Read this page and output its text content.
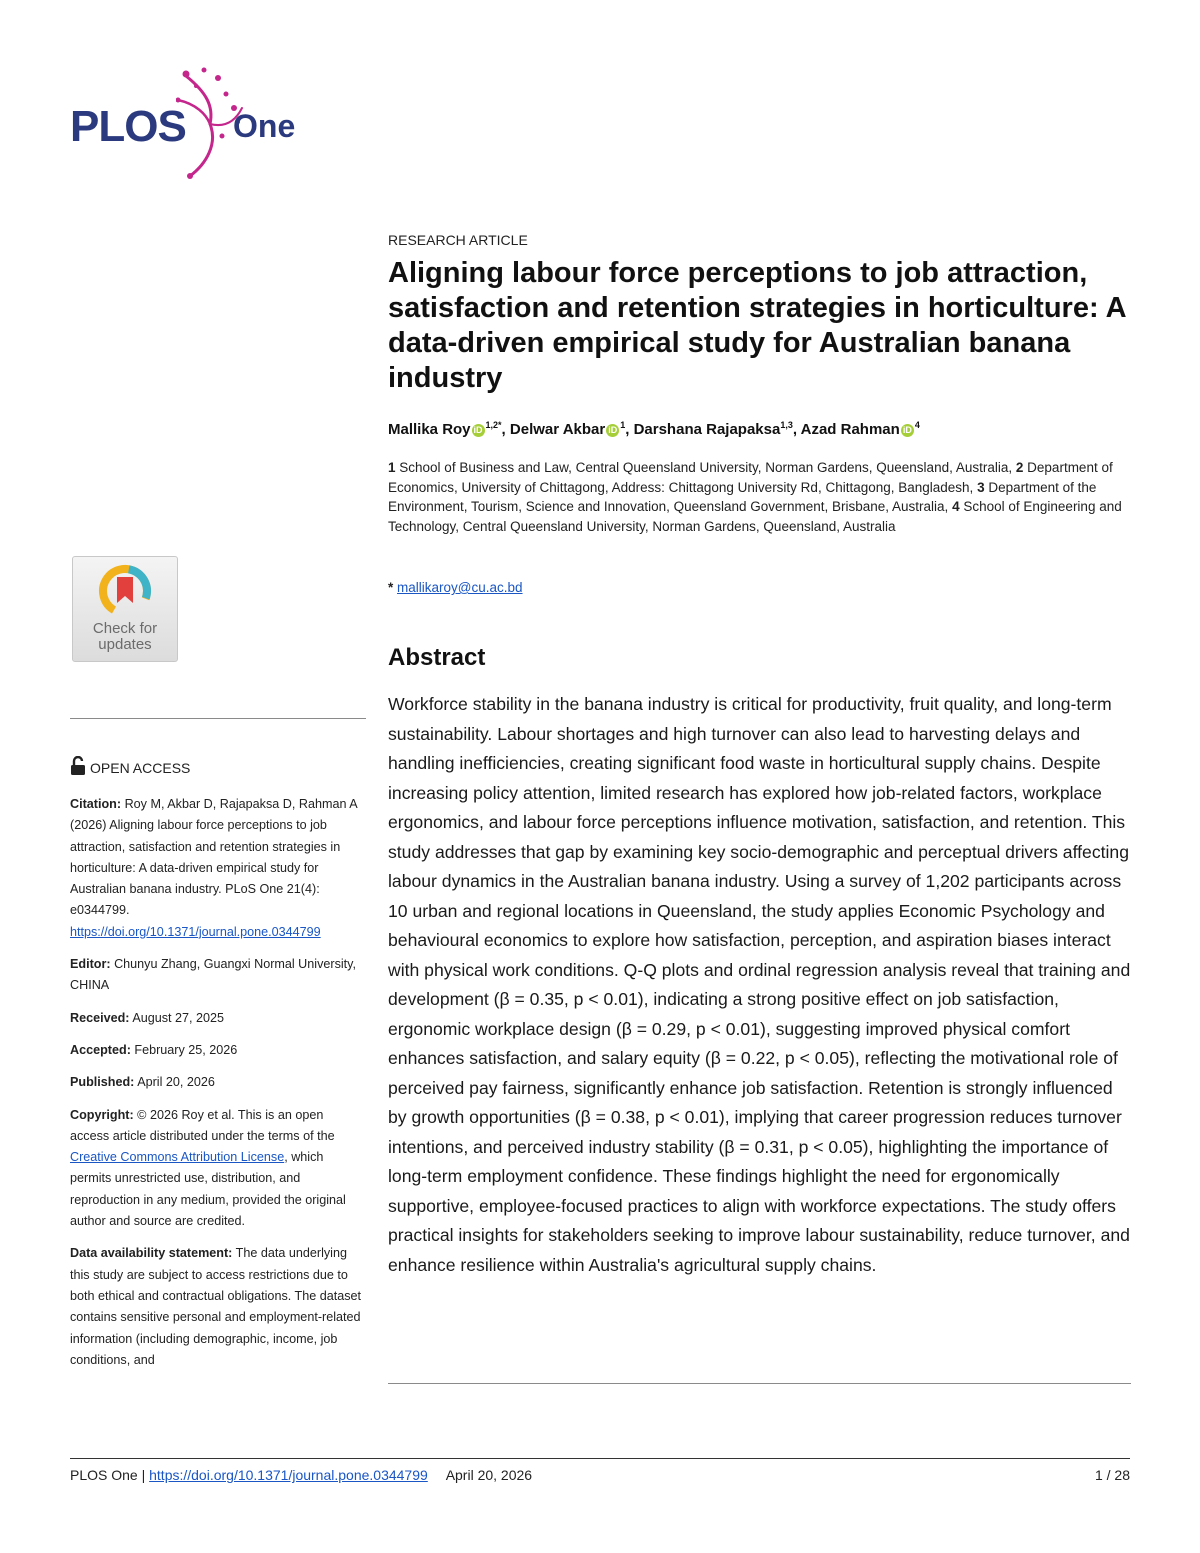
PLOS One
RESEARCH ARTICLE
Aligning labour force perceptions to job attraction, satisfaction and retention strategies in horticulture: A data-driven empirical study for Australian banana industry
Mallika Roy iD $^{1,2*}$, Delwar Akbar iD $^1$, Darshana Rajapaksa$^{1,3}$, Azad Rahman iD $^4$
1 School of Business and Law, Central Queensland University, Norman Gardens, Queensland, Australia, 2 Department of Economics, University of Chittagong, Address: Chittagong University Rd, Chittagong, Bangladesh, 3 Department of the Environment, Tourism, Science and Innovation, Queensland Government, Brisbane, Australia, 4 School of Engineering and Technology, Central Queensland University, Norman Gardens, Queensland, Australia
* mallikaroy@cu.ac.bd
Abstract

Workforce stability in the banana industry is critical for productivity, fruit quality, and long-term sustainability. Labour shortages and high turnover can also lead to harvesting delays and handling inefficiencies, creating significant food waste in horticultural supply chains. Despite increasing policy attention, limited research has explored how job-related factors, workplace ergonomics, and labour force perceptions influence motivation, satisfaction, and retention. This study addresses that gap by examining key socio-demographic and perceptual drivers affecting labour dynamics in the Australian banana industry. Using a survey of 1,202 participants across 10 urban and regional locations in Queensland, the study applies Economic Psychology and behavioural economics to explore how satisfaction, perception, and aspiration biases interact with physical work conditions. Q-Q plots and ordinal regression analysis reveal that training and development (β = 0.35, p < 0.01), indicating a strong positive effect on job satisfaction, ergonomic workplace design (β = 0.29, p < 0.01), suggesting improved physical comfort enhances satisfaction, and salary equity (β = 0.22, p < 0.05), reflecting the motivational role of perceived pay fairness, significantly enhance job satisfaction. Retention is strongly influenced by growth opportunities (β = 0.38, p < 0.01), implying that career progression reduces turnover intentions, and perceived industry stability (β = 0.31, p < 0.05), highlighting the importance of long-term employment confidence. These findings highlight the need for ergonomically supportive, employee-focused practices to align with workforce expectations. The study offers practical insights for stakeholders seeking to improve labour sustainability, reduce turnover, and enhance resilience within Australia's agricultural supply chains.

Check for
updates
OPEN ACCESS

Citation: Roy M, Akbar D, Rajapaksa D, Rahman A (2026) Aligning labour force perceptions to job attraction, satisfaction and retention strategies in horticulture: A data-driven empirical study for Australian banana industry. PLoS One 21(4): e0344799. https://doi.org/10.1371/journal.pone.0344799

Editor: Chunyu Zhang, Guangxi Normal University, CHINA

Received: August 27, 2025

Accepted: February 25, 2026

Published: April 20, 2026

Copyright: © 2026 Roy et al. This is an open access article distributed under the terms of the Creative Commons Attribution License, which permits unrestricted use, distribution, and reproduction in any medium, provided the original author and source are credited.

Data availability statement: The data underlying this study are subject to access restrictions due to both ethical and contractual obligations. The dataset contains sensitive personal and employment-related information (including demographic, income, job conditions, and

PLOS One | https://doi.org/10.1371/journal.pone.0344799 April 20, 2026	1 / 28
